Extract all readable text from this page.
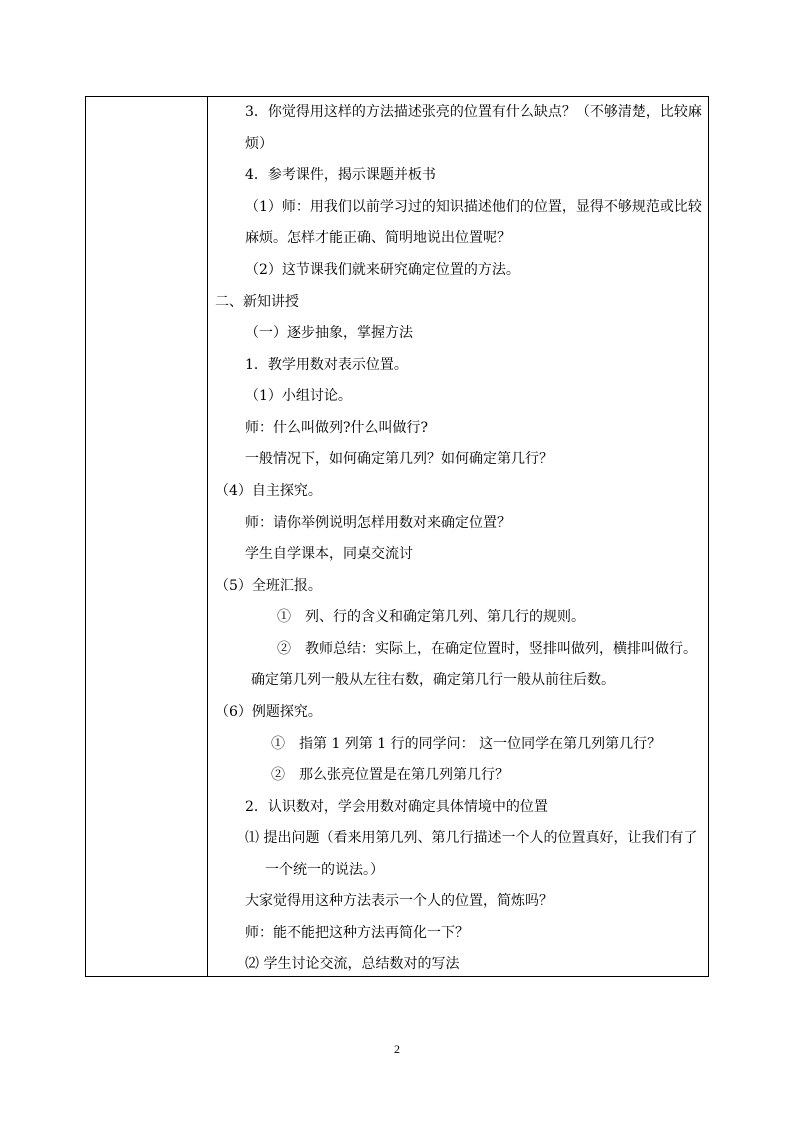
3．你觉得用这样的方法描述张亮的位置有什么缺点？（不够清楚，比较麻
烦）
4．参考课件，揭示课题并板书
（1）师：用我们以前学习过的知识描述他们的位置，显得不够规范或比较
麻烦。怎样才能正确、简明地说出位置呢？
（2）这节课我们就来研究确定位置的方法。
二、新知讲授
（一）逐步抽象，掌握方法
1．教学用数对表示位置。
（1）小组讨论。
师：什么叫做列?什么叫做行?
一般情况下，如何确定第几列？如何确定第几行？
（4）自主探究。
师：请你举例说明怎样用数对来确定位置？
学生自学课本，同桌交流讨
（5）全班汇报。
①　列、行的含义和确定第几列、第几行的规则。
②　教师总结：实际上，在确定位置时，竖排叫做列，横排叫做行。
确定第几列一般从左往右数，确定第几行一般从前往后数。
（6）例题探究。
①　指第 1 列第 1 行的同学问： 这一位同学在第几列第几行？
②　那么张亮位置是在第几列第几行？
2．认识数对，学会用数对确定具体情境中的位置
⑴ 提出问题（看来用第几列、第几行描述一个人的位置真好，让我们有了
一个统一的说法。）
大家觉得用这种方法表示一个人的位置，简炼吗？
师：能不能把这种方法再简化一下？
⑵ 学生讨论交流，总结数对的写法
2
